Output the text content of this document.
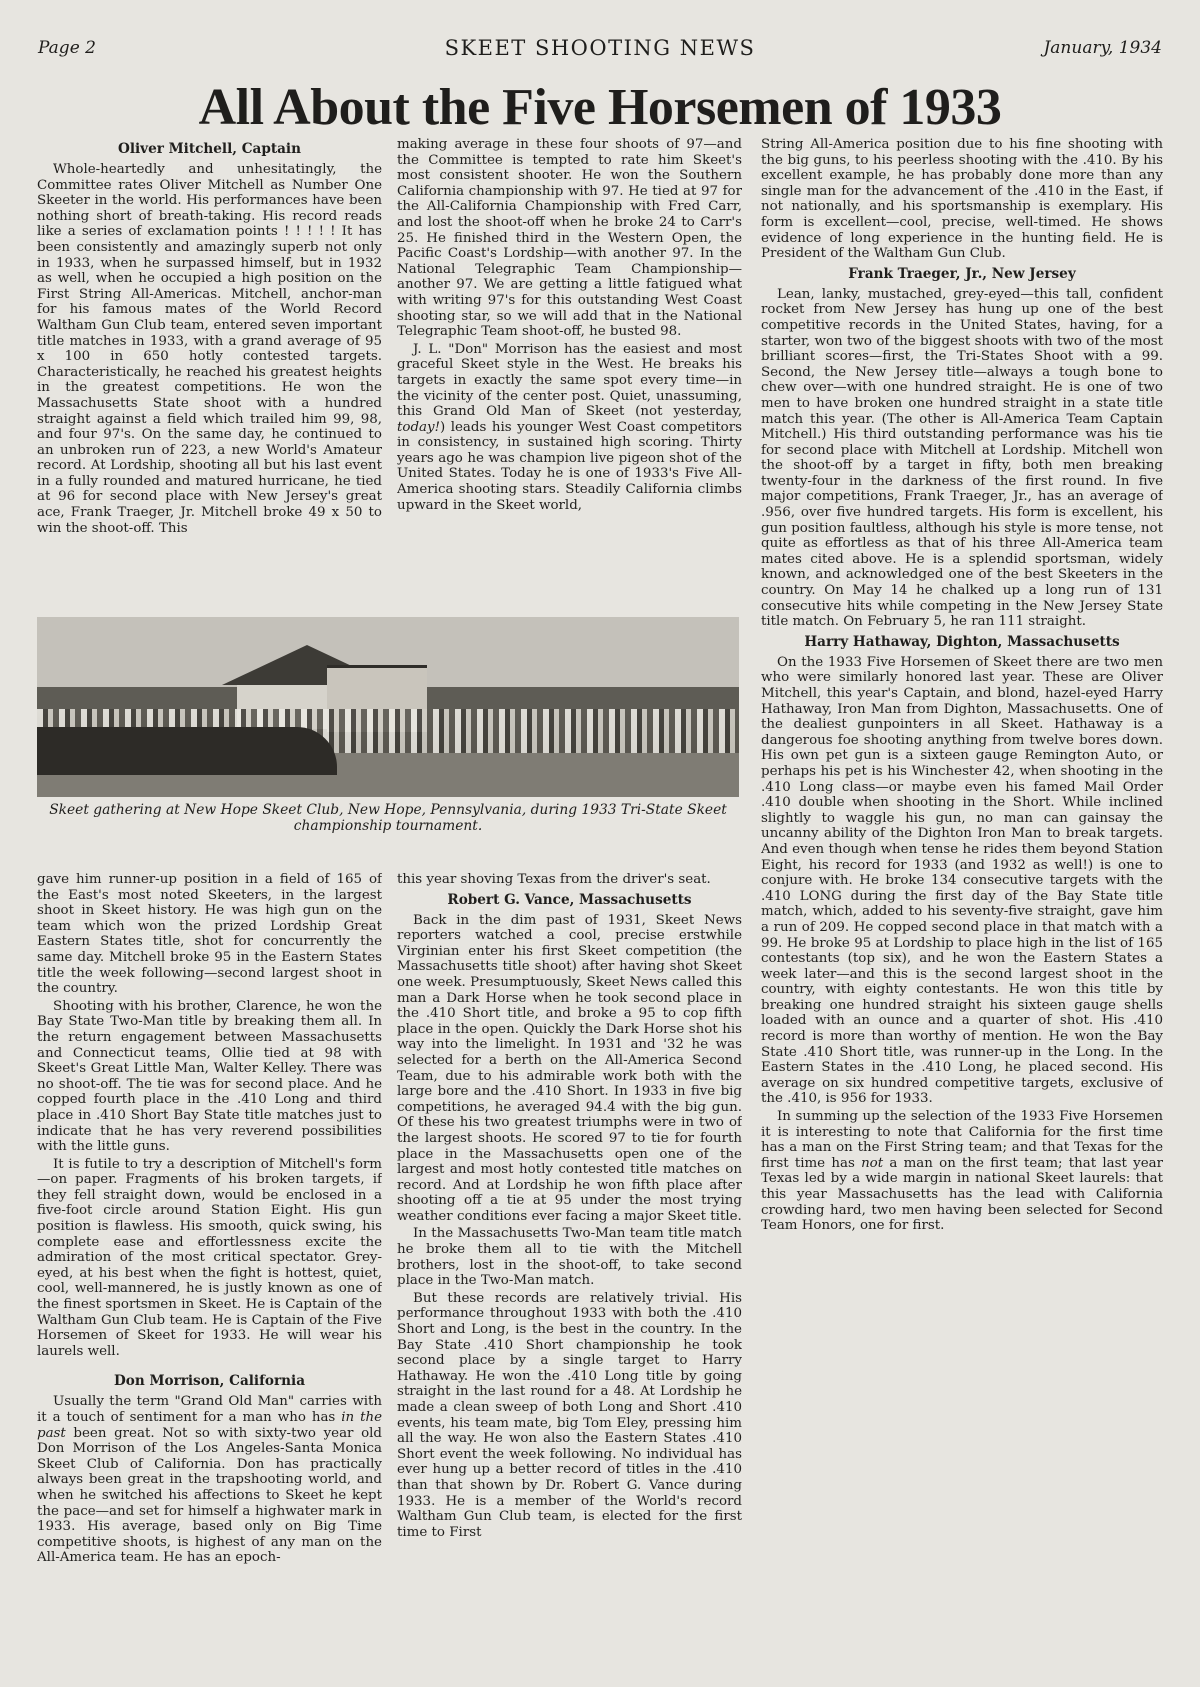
Page 2	SKEET SHOOTING NEWS	January, 1934
All About the Five Horsemen of 1933
Oliver Mitchell, Captain

Whole-heartedly and unhesitatingly, the Committee rates Oliver Mitchell as Number One Skeeter in the world. His performances have been nothing short of breath-taking. His record reads like a series of exclamation points ! ! ! ! ! It has been consistently and amazingly superb not only in 1933, when he surpassed himself, but in 1932 as well, when he occupied a high position on the First String All-Americas. Mitchell, anchor-man for his famous mates of the World Record Waltham Gun Club team, entered seven important title matches in 1933, with a grand average of 95 x 100 in 650 hotly contested targets. Characteristically, he reached his greatest heights in the greatest competitions. He won the Massachusetts State shoot with a hundred straight against a field which trailed him 99, 98, and four 97's. On the same day, he continued to an unbroken run of 223, a new World's Amateur record. At Lordship, shooting all but his last event in a fully rounded and matured hurricane, he tied at 96 for second place with New Jersey's great ace, Frank Traeger, Jr. Mitchell broke 49 x 50 to win the shoot-off. This

making average in these four shoots of 97—and the Committee is tempted to rate him Skeet's most consistent shooter. He won the Southern California championship with 97. He tied at 97 for the All-California Championship with Fred Carr, and lost the shoot-off when he broke 24 to Carr's 25. He finished third in the Western Open, the Pacific Coast's Lordship—with another 97. In the National Telegraphic Team Championship—another 97. We are getting a little fatigued what with writing 97's for this outstanding West Coast shooting star, so we will add that in the National Telegraphic Team shoot-off, he busted 98.

J. L. "Don" Morrison has the easiest and most graceful Skeet style in the West. He breaks his targets in exactly the same spot every time—in the vicinity of the center post. Quiet, unassuming, this Grand Old Man of Skeet (not yesterday, today!) leads his younger West Coast competitors in consistency, in sustained high scoring. Thirty years ago he was champion live pigeon shot of the United States. Today he is one of 1933's Five All-America shooting stars. Steadily California climbs upward in the Skeet world,

String All-America position due to his fine shooting with the big guns, to his peerless shooting with the .410. By his excellent example, he has probably done more than any single man for the advancement of the .410 in the East, if not nationally, and his sportsmanship is exemplary. His form is excellent—cool, precise, well-timed. He shows evidence of long experience in the hunting field. He is President of the Waltham Gun Club.

Frank Traeger, Jr., New Jersey

Lean, lanky, mustached, grey-eyed—this tall, confident rocket from New Jersey has hung up one of the best competitive records in the United States, having, for a starter, won two of the biggest shoots with two of the most brilliant scores—first, the Tri-States Shoot with a 99. Second, the New Jersey title—always a tough bone to chew over—with one hundred straight. He is one of two men to have broken one hundred straight in a state title match this year. (The other is All-America Team Captain Mitchell.) His third outstanding performance was his tie for second place with Mitchell at Lordship. Mitchell won the shoot-off by a target in fifty, both men breaking twenty-four in the darkness of the first round. In five major competitions, Frank Traeger, Jr., has an average of .956, over five hundred targets. His form is excellent, his gun position faultless, although his style is more tense, not quite as effortless as that of his three All-America team mates cited above. He is a splendid sportsman, widely known, and acknowledged one of the best Skeeters in the country. On May 14 he chalked up a long run of 131 consecutive hits while competing in the New Jersey State title match. On February 5, he ran 111 straight.

Harry Hathaway, Dighton, Massachusetts

On the 1933 Five Horsemen of Skeet there are two men who were similarly honored last year. These are Oliver Mitchell, this year's Captain, and blond, hazel-eyed Harry Hathaway, Iron Man from Dighton, Massachusetts. One of the dealiest gunpointers in all Skeet. Hathaway is a dangerous foe shooting anything from twelve bores down. His own pet gun is a sixteen gauge Remington Auto, or perhaps his pet is his Winchester 42, when shooting in the .410 Long class—or maybe even his famed Mail Order .410 double when shooting in the Short. While inclined slightly to waggle his gun, no man can gainsay the uncanny ability of the Dighton Iron Man to break targets. And even though when tense he rides them beyond Station Eight, his record for 1933 (and 1932 as well!) is one to conjure with. He broke 134 consecutive targets with the .410 LONG during the first day of the Bay State title match, which, added to his seventy-five straight, gave him a run of 209. He copped second place in that match with a 99. He broke 95 at Lordship to place high in the list of 165 contestants (top six), and he won the Eastern States a week later—and this is the second largest shoot in the country, with eighty contestants. He won this title by breaking one hundred straight his sixteen gauge shells loaded with an ounce and a quarter of shot. His .410 record is more than worthy of mention. He won the Bay State .410 Short title, was runner-up in the Long. In the Eastern States in the .410 Long, he placed second. His average on six hundred competitive targets, exclusive of the .410, is 956 for 1933.

In summing up the selection of the 1933 Five Horsemen it is interesting to note that California for the first time has a man on the First String team; and that Texas for the first time has not a man on the first team; that last year Texas led by a wide margin in national Skeet laurels: that this year Massachusetts has the lead with California crowding hard, two men having been selected for Second Team Honors, one for first.

Skeet gathering at New Hope Skeet Club, New Hope, Pennsylvania, during 1933 Tri-State Skeet championship tournament.

gave him runner-up position in a field of 165 of the East's most noted Skeeters, in the largest shoot in Skeet history. He was high gun on the team which won the prized Lordship Great Eastern States title, shot for concurrently the same day. Mitchell broke 95 in the Eastern States title the week following—second largest shoot in the country.

Shooting with his brother, Clarence, he won the Bay State Two-Man title by breaking them all. In the return engagement between Massachusetts and Connecticut teams, Ollie tied at 98 with Skeet's Great Little Man, Walter Kelley. There was no shoot-off. The tie was for second place. And he copped fourth place in the .410 Long and third place in .410 Short Bay State title matches just to indicate that he has very reverend possibilities with the little guns.

It is futile to try a description of Mitchell's form—on paper. Fragments of his broken targets, if they fell straight down, would be enclosed in a five-foot circle around Station Eight. His gun position is flawless. His smooth, quick swing, his complete ease and effortlessness excite the admiration of the most critical spectator. Grey-eyed, at his best when the fight is hottest, quiet, cool, well-mannered, he is justly known as one of the finest sportsmen in Skeet. He is Captain of the Waltham Gun Club team. He is Captain of the Five Horsemen of Skeet for 1933. He will wear his laurels well.

Don Morrison, California

Usually the term "Grand Old Man" carries with it a touch of sentiment for a man who has in the past been great. Not so with sixty-two year old Don Morrison of the Los Angeles-Santa Monica Skeet Club of California. Don has practically always been great in the trapshooting world, and when he switched his affections to Skeet he kept the pace—and set for himself a highwater mark in 1933. His average, based only on Big Time competitive shoots, is highest of any man on the All-America team. He has an epoch-

this year shoving Texas from the driver's seat.

Robert G. Vance, Massachusetts

Back in the dim past of 1931, Skeet News reporters watched a cool, precise erstwhile Virginian enter his first Skeet competition (the Massachusetts title shoot) after having shot Skeet one week. Presumptuously, Skeet News called this man a Dark Horse when he took second place in the .410 Short title, and broke a 95 to cop fifth place in the open. Quickly the Dark Horse shot his way into the limelight. In 1931 and '32 he was selected for a berth on the All-America Second Team, due to his admirable work both with the large bore and the .410 Short. In 1933 in five big competitions, he averaged 94.4 with the big gun. Of these his two greatest triumphs were in two of the largest shoots. He scored 97 to tie for fourth place in the Massachusetts open one of the largest and most hotly contested title matches on record. And at Lordship he won fifth place after shooting off a tie at 95 under the most trying weather conditions ever facing a major Skeet title.

In the Massachusetts Two-Man team title match he broke them all to tie with the Mitchell brothers, lost in the shoot-off, to take second place in the Two-Man match.

But these records are relatively trivial. His performance throughout 1933 with both the .410 Short and Long, is the best in the country. In the Bay State .410 Short championship he took second place by a single target to Harry Hathaway. He won the .410 Long title by going straight in the last round for a 48. At Lordship he made a clean sweep of both Long and Short .410 events, his team mate, big Tom Eley, pressing him all the way. He won also the Eastern States .410 Short event the week following. No individual has ever hung up a better record of titles in the .410 than that shown by Dr. Robert G. Vance during 1933. He is a member of the World's record Waltham Gun Club team, is elected for the first time to First
